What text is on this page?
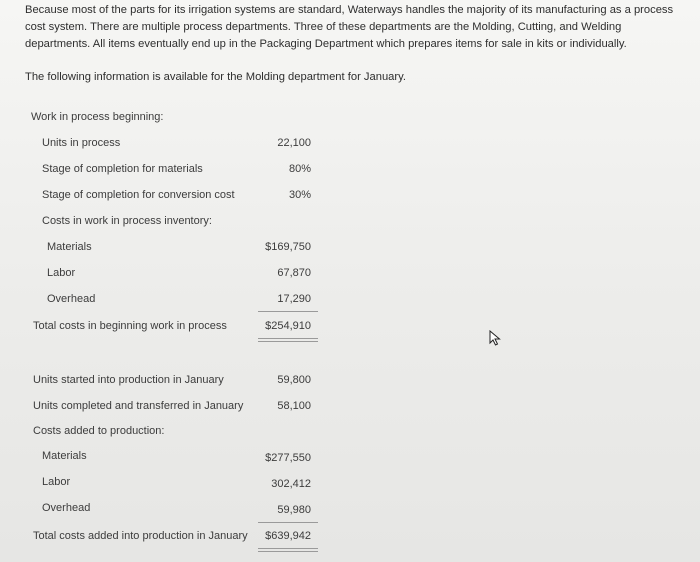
Because most of the parts for its irrigation systems are standard, Waterways handles the majority of its manufacturing as a process cost system. There are multiple process departments. Three of these departments are the Molding, Cutting, and Welding departments. All items eventually end up in the Packaging Department which prepares items for sale in kits or individually.
The following information is available for the Molding department for January.
Work in process beginning:
Units in process	22,100
Stage of completion for materials	80%
Stage of completion for conversion cost	30%
Costs in work in process inventory:
Materials	$169,750
Labor	67,870
Overhead	17,290
Total costs in beginning work in process	$254,910
Units started into production in January	59,800
Units completed and transferred in January	58,100
Costs added to production:
Materials	$277,550
Labor	302,412
Overhead	59,980
Total costs added into production in January	$639,942
